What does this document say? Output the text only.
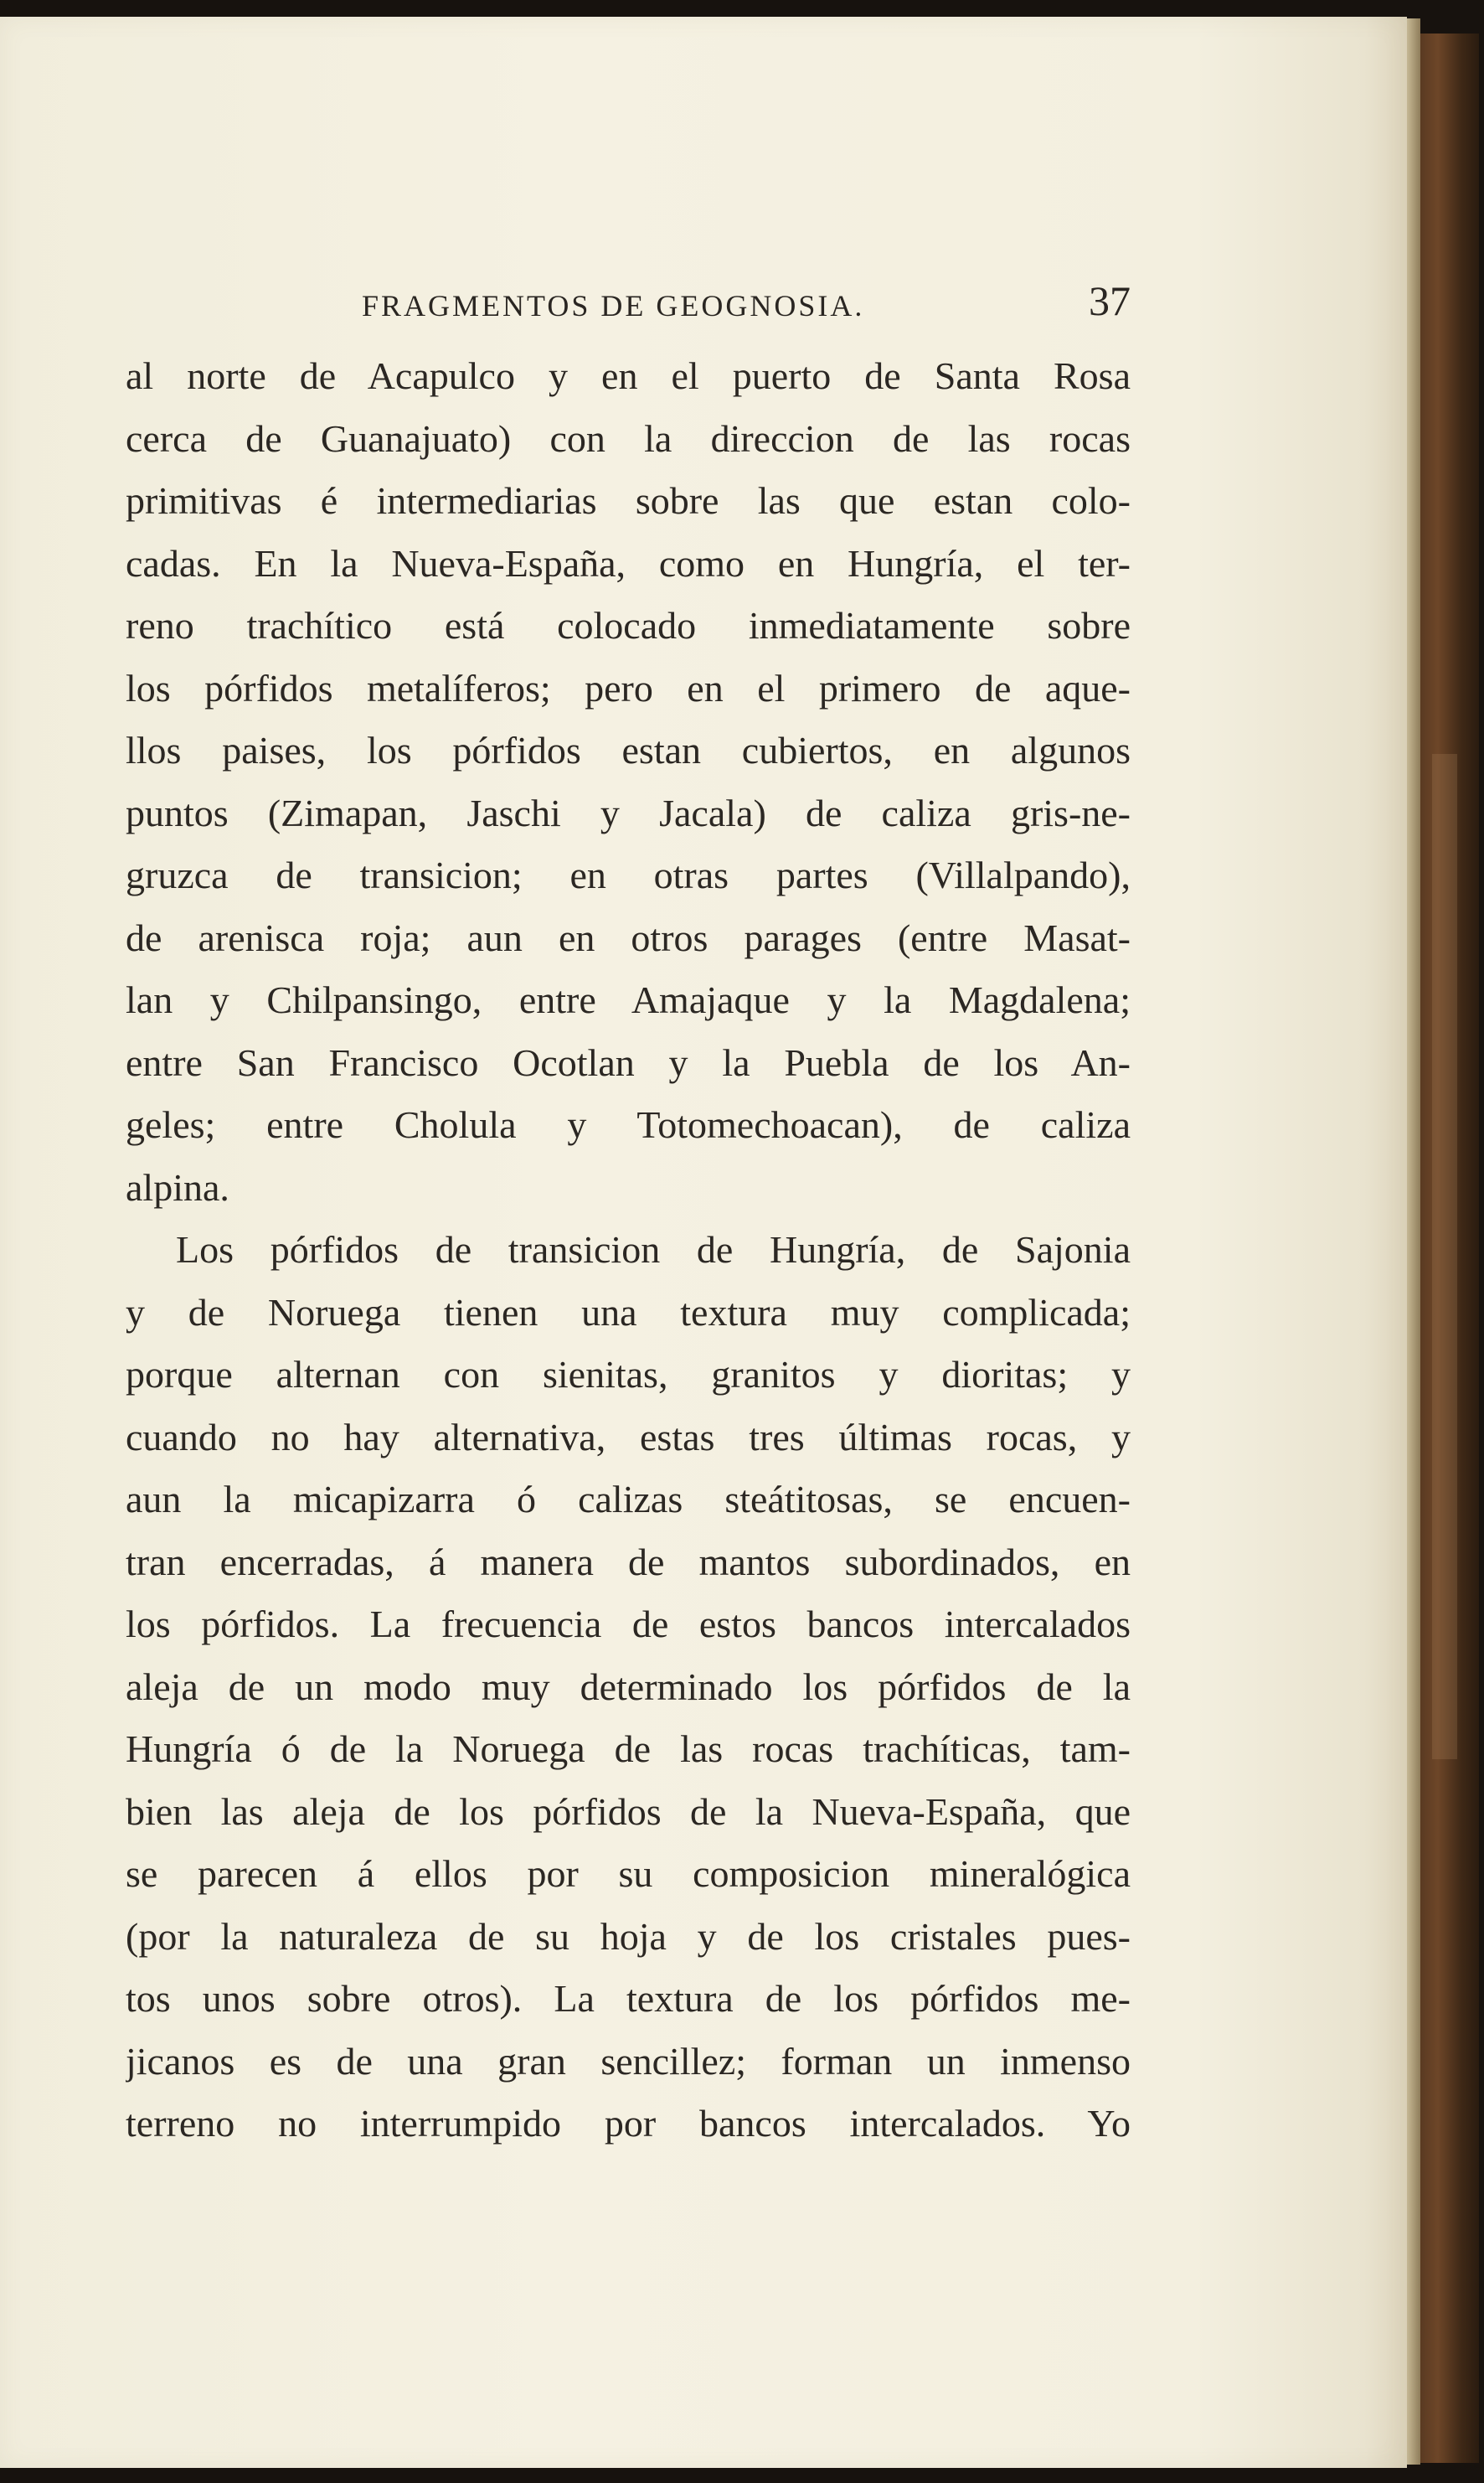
FRAGMENTOS DE GEOGNOSIA.	37
al norte de Acapulco y en el puerto de Santa Rosa
cerca de Guanajuato) con la direccion de las rocas
primitivas é intermediarias sobre las que estan colo-
cadas. En la Nueva-España, como en Hungría, el ter-
reno trachítico está colocado inmediatamente sobre
los pórfidos metalíferos; pero en el primero de aque-
llos paises, los pórfidos estan cubiertos, en algunos
puntos (Zimapan, Jaschi y Jacala) de caliza gris-ne-
gruzca de transicion; en otras partes (Villalpando),
de arenisca roja; aun en otros parages (entre Masat-
lan y Chilpansingo, entre Amajaque y la Magdalena;
entre San Francisco Ocotlan y la Puebla de los An-
geles; entre Cholula y Totomechoacan), de caliza
alpina.
Los pórfidos de transicion de Hungría, de Sajonia
y de Noruega tienen una textura muy complicada;
porque alternan con sienitas, granitos y dioritas; y
cuando no hay alternativa, estas tres últimas rocas, y
aun la micapizarra ó calizas steátitosas, se encuen-
tran encerradas, á manera de mantos subordinados, en
los pórfidos. La frecuencia de estos bancos intercalados
aleja de un modo muy determinado los pórfidos de la
Hungría ó de la Noruega de las rocas trachíticas, tam-
bien las aleja de los pórfidos de la Nueva-España, que
se parecen á ellos por su composicion mineralógica
(por la naturaleza de su hoja y de los cristales pues-
tos unos sobre otros). La textura de los pórfidos me-
jicanos es de una gran sencillez; forman un inmenso
terreno no interrumpido por bancos intercalados. Yo
